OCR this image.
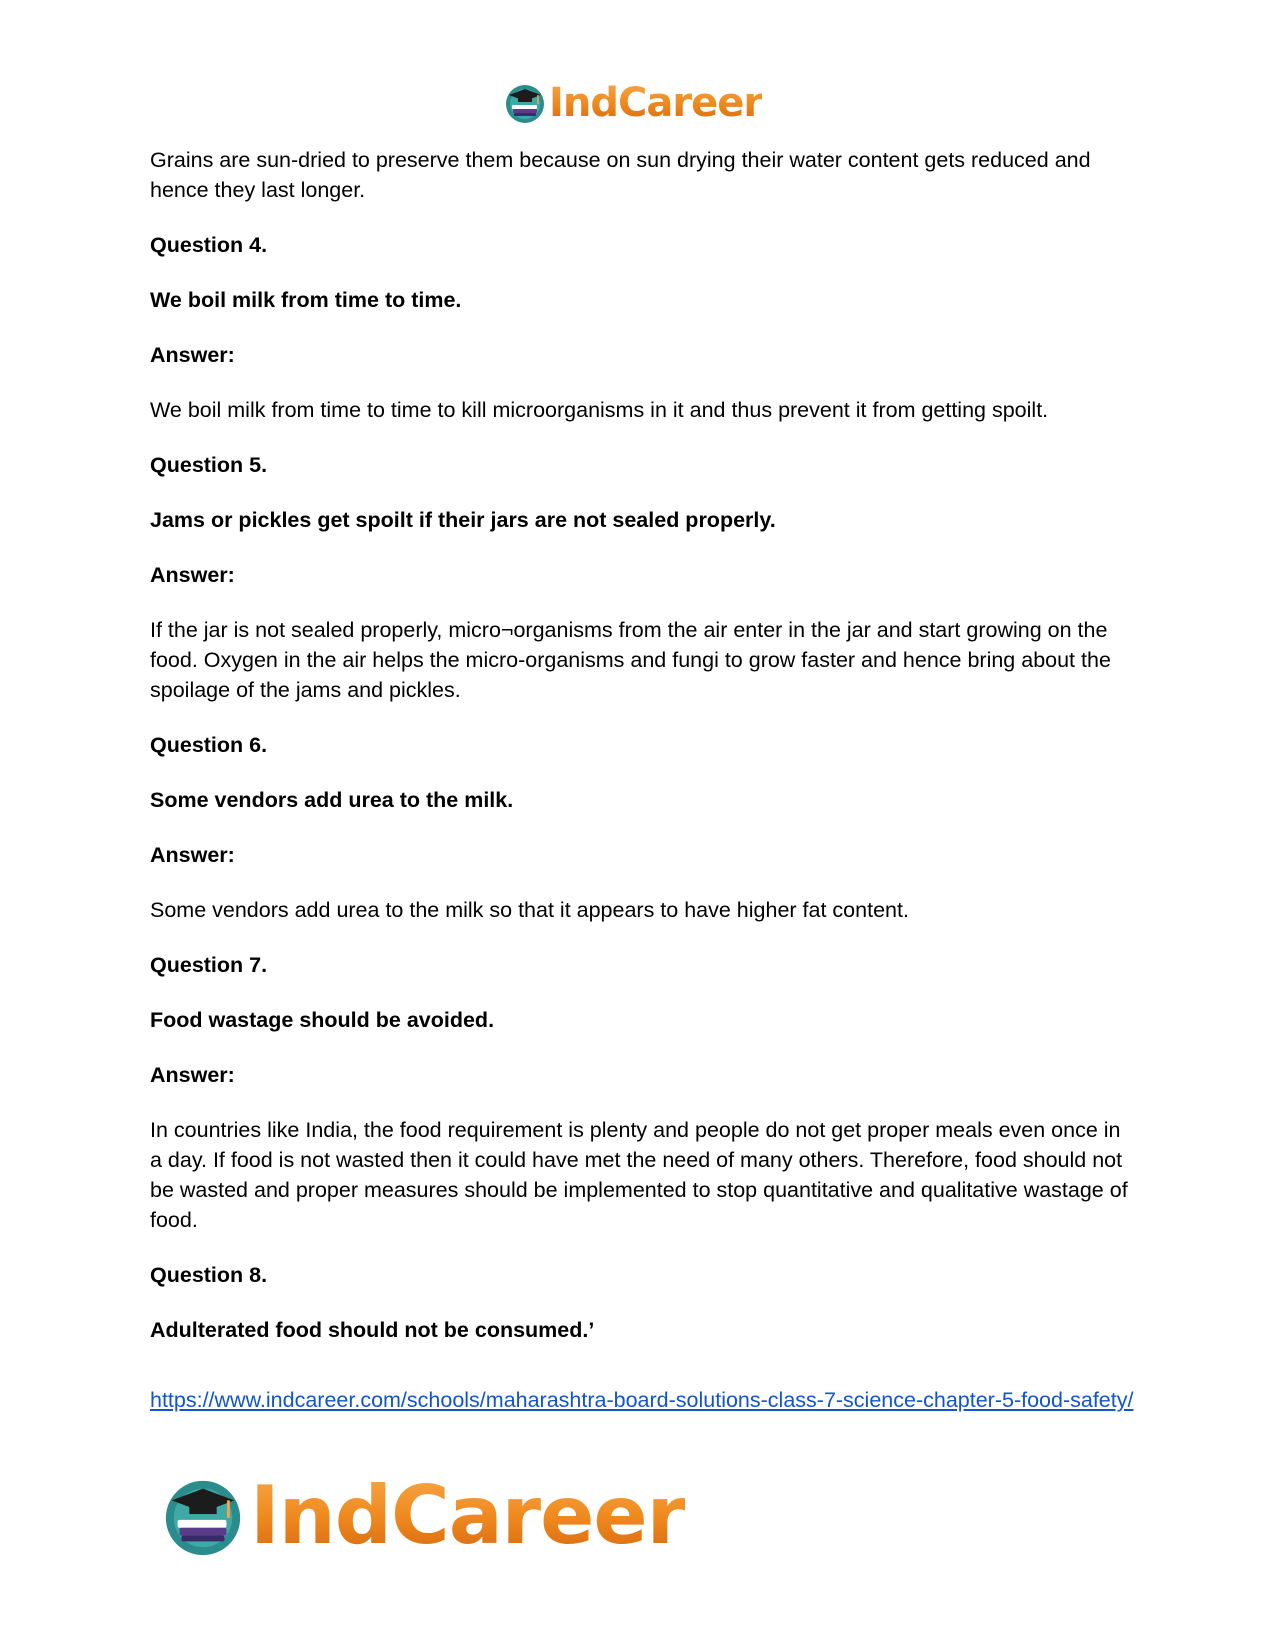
IndCareer

Grains are sun-dried to preserve them because on sun drying their water content gets reduced and hence they last longer.

Question 4.

We boil milk from time to time.

Answer:

We boil milk from time to time to kill microorganisms in it and thus prevent it from getting spoilt.

Question 5.

Jams or pickles get spoilt if their jars are not sealed properly.

Answer:

If the jar is not sealed properly, micro¬organisms from the air enter in the jar and start growing on the food. Oxygen in the air helps the micro-organisms and fungi to grow faster and hence bring about the spoilage of the jams and pickles.

Question 6.

Some vendors add urea to the milk.

Answer:

Some vendors add urea to the milk so that it appears to have higher fat content.

Question 7.

Food wastage should be avoided.

Answer:

In countries like India, the food requirement is plenty and people do not get proper meals even once in a day. If food is not wasted then it could have met the need of many others. Therefore, food should not be wasted and proper measures should be implemented to stop quantitative and qualitative wastage of food.

Question 8.

Adulterated food should not be consumed.’

https://www.indcareer.com/schools/maharashtra-board-solutions-class-7-science-chapter-5-food-safety/
IndCareer
